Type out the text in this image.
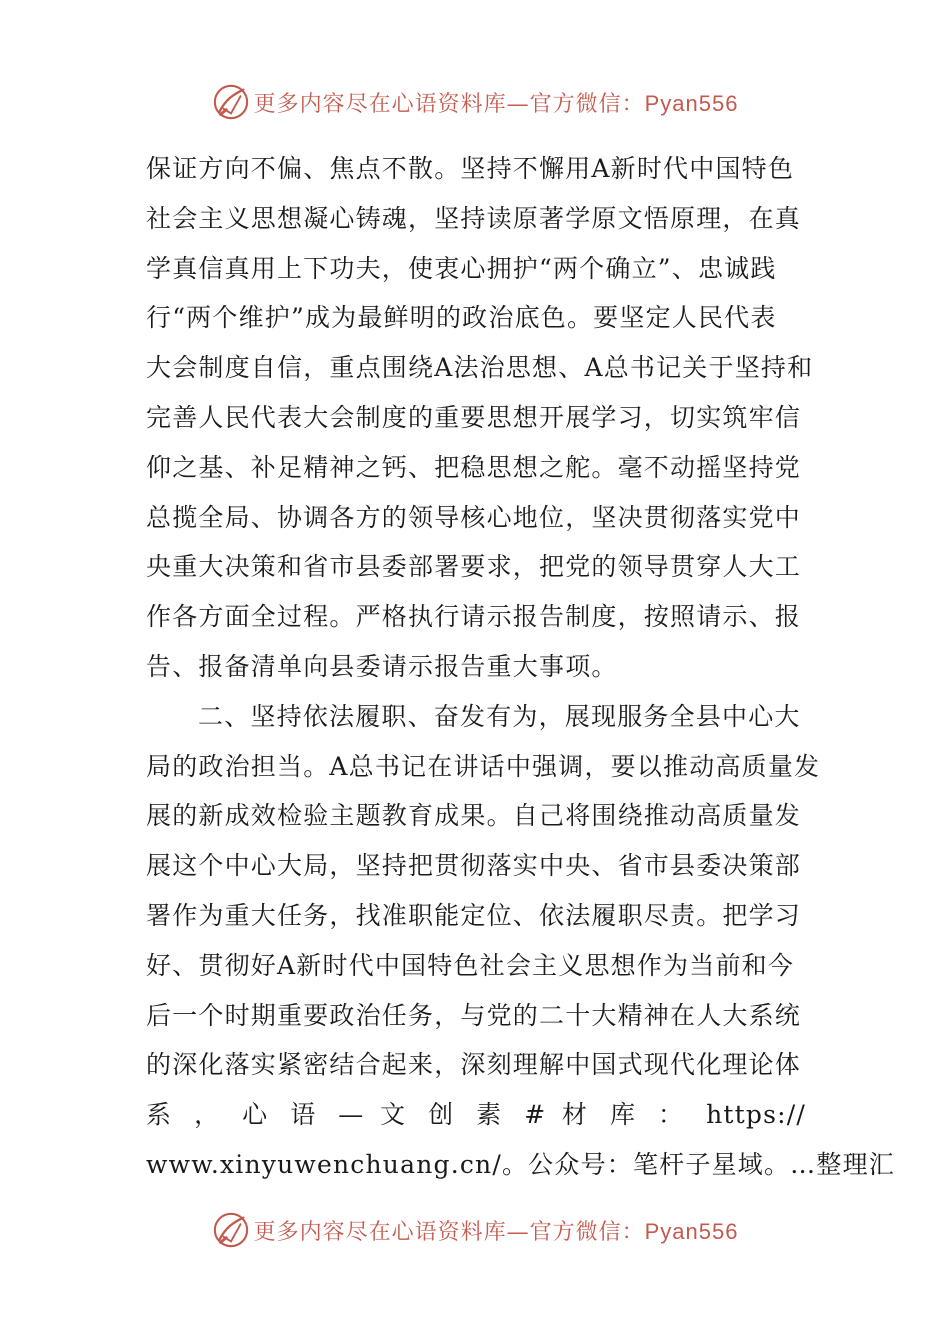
更多内容尽在心语资料库—官方微信：Pyan556
保证方向不偏、焦点不散。坚持不懈用A新时代中国特色
社会主义思想凝心铸魂，坚持读原著学原文悟原理，在真
学真信真用上下功夫，使衷心拥护“两个确立”、忠诚践
行“两个维护”成为最鲜明的政治底色。要坚定人民代表
大会制度自信，重点围绕A法治思想、A总书记关于坚持和
完善人民代表大会制度的重要思想开展学习，切实筑牢信
仰之基、补足精神之钙、把稳思想之舵。毫不动摇坚持党
总揽全局、协调各方的领导核心地位，坚决贯彻落实党中
央重大决策和省市县委部署要求，把党的领导贯穿人大工
作各方面全过程。严格执行请示报告制度，按照请示、报
告、报备清单向县委请示报告重大事项。
二、坚持依法履职、奋发有为，展现服务全县中心大
局的政治担当。A总书记在讲话中强调，要以推动高质量发
展的新成效检验主题教育成果。自己将围绕推动高质量发
展这个中心大局，坚持把贯彻落实中央、省市县委决策部
署作为重大任务，找准职能定位、依法履职尽责。把学习
好、贯彻好A新时代中国特色社会主义思想作为当前和今
后一个时期重要政治任务，与党的二十大精神在人大系统
的深化落实紧密结合起来，深刻理解中国式现代化理论体
系 ， 心 语 — 文 创 素 # 材 库 ： https://
www.xinyuwenchuang.cn/。公众号：笔杆子星域。…整理汇
更多内容尽在心语资料库—官方微信：Pyan556
